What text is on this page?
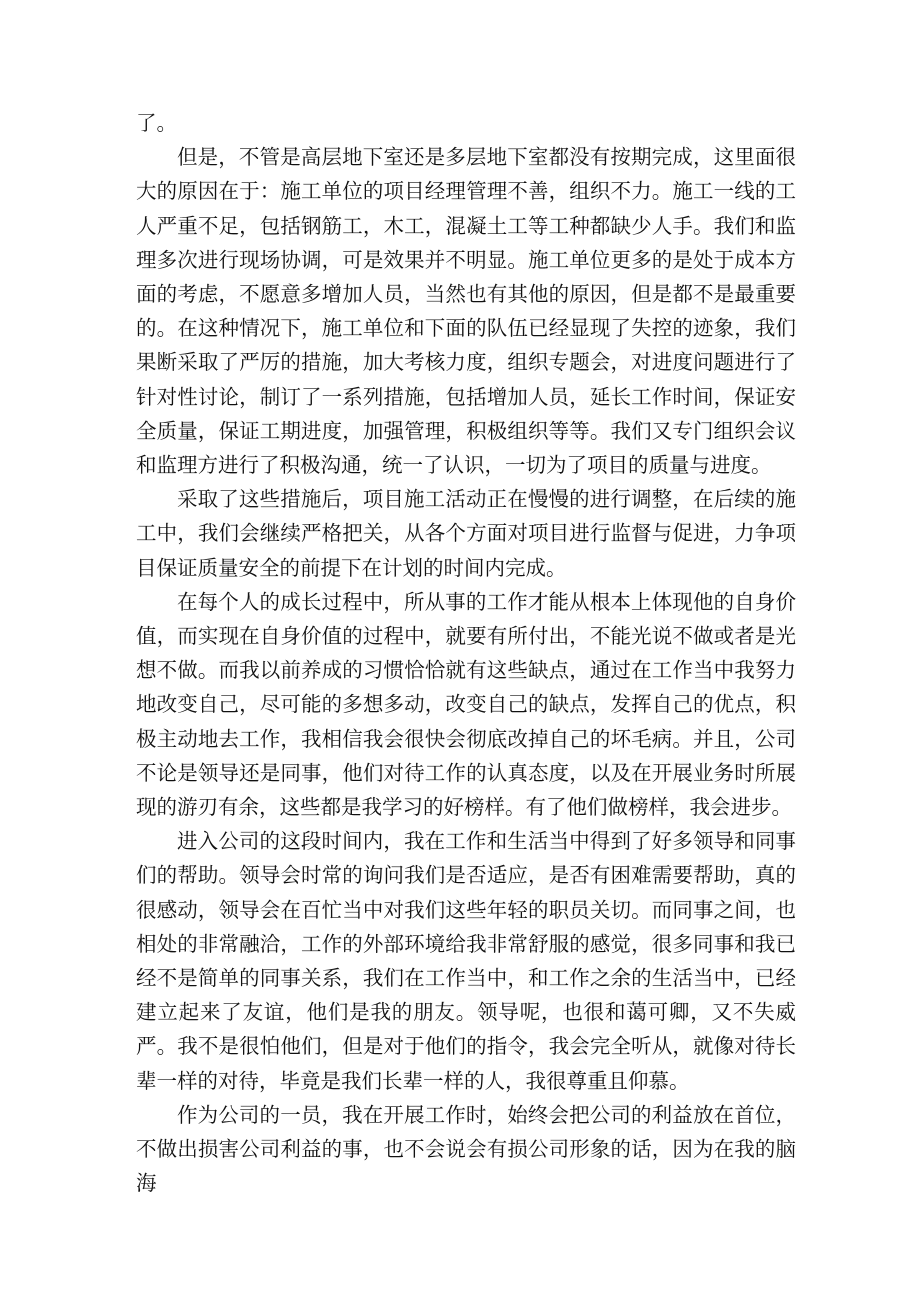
了。

但是，不管是高层地下室还是多层地下室都没有按期完成，这里面很大的原因在于：施工单位的项目经理管理不善，组织不力。施工一线的工人严重不足，包括钢筋工，木工，混凝土工等工种都缺少人手。我们和监理多次进行现场协调，可是效果并不明显。施工单位更多的是处于成本方面的考虑，不愿意多增加人员，当然也有其他的原因，但是都不是最重要的。在这种情况下，施工单位和下面的队伍已经显现了失控的迹象，我们果断采取了严厉的措施，加大考核力度，组织专题会，对进度问题进行了针对性讨论，制订了一系列措施，包括增加人员，延长工作时间，保证安全质量，保证工期进度，加强管理，积极组织等等。我们又专门组织会议和监理方进行了积极沟通，统一了认识，一切为了项目的质量与进度。

采取了这些措施后，项目施工活动正在慢慢的进行调整，在后续的施工中，我们会继续严格把关，从各个方面对项目进行监督与促进，力争项目保证质量安全的前提下在计划的时间内完成。

在每个人的成长过程中，所从事的工作才能从根本上体现他的自身价值，而实现在自身价值的过程中，就要有所付出，不能光说不做或者是光想不做。而我以前养成的习惯恰恰就有这些缺点，通过在工作当中我努力地改变自己，尽可能的多想多动，改变自己的缺点，发挥自己的优点，积极主动地去工作，我相信我会很快会彻底改掉自己的坏毛病。并且，公司不论是领导还是同事，他们对待工作的认真态度，以及在开展业务时所展现的游刃有余，这些都是我学习的好榜样。有了他们做榜样，我会进步。

进入公司的这段时间内，我在工作和生活当中得到了好多领导和同事们的帮助。领导会时常的询问我们是否适应，是否有困难需要帮助，真的很感动，领导会在百忙当中对我们这些年轻的职员关切。而同事之间，也相处的非常融洽，工作的外部环境给我非常舒服的感觉，很多同事和我已经不是简单的同事关系，我们在工作当中，和工作之余的生活当中，已经建立起来了友谊，他们是我的朋友。领导呢，也很和蔼可卿，又不失威严。我不是很怕他们，但是对于他们的指令，我会完全听从，就像对待长辈一样的对待，毕竟是我们长辈一样的人，我很尊重且仰慕。

作为公司的一员，我在开展工作时，始终会把公司的利益放在首位，不做出损害公司利益的事，也不会说会有损公司形象的话，因为在我的脑海
